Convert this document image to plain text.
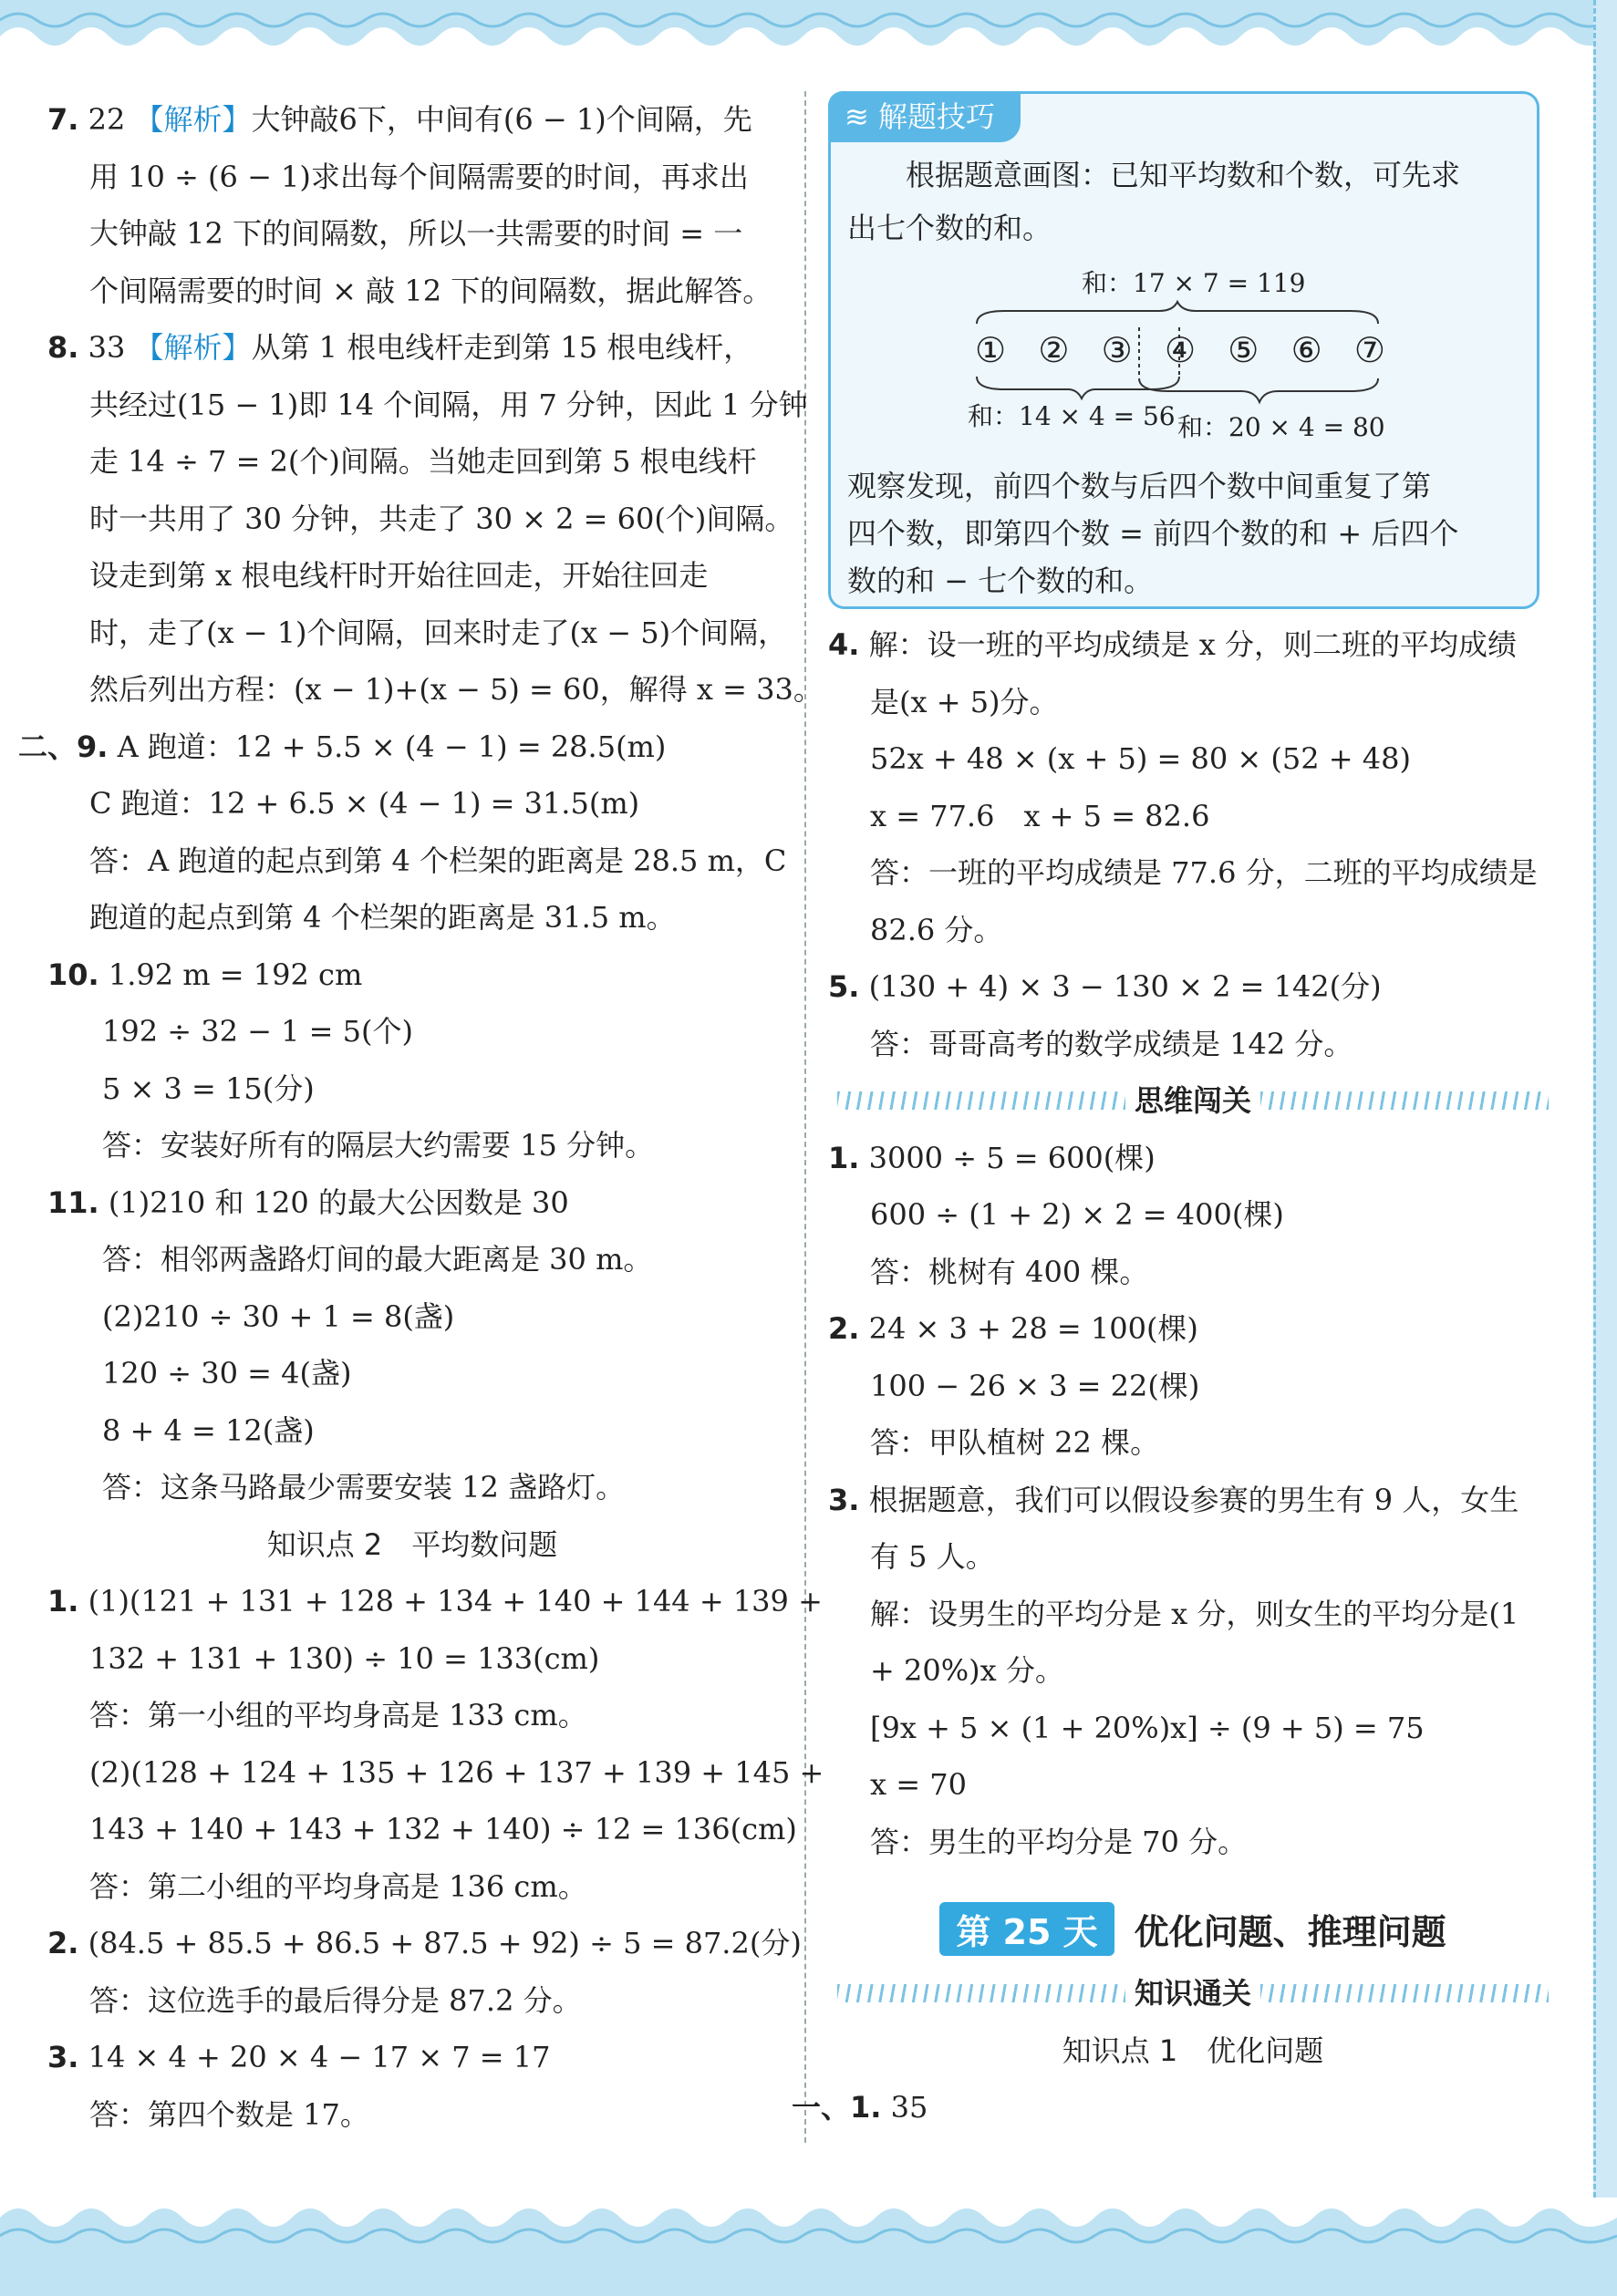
7. 22 【解析】大钟敲6下，中间有(6 − 1)个间隔，先
用 10 ÷ (6 − 1)求出每个间隔需要的时间，再求出
大钟敲 12 下的间隔数，所以一共需要的时间 = 一
个间隔需要的时间 × 敲 12 下的间隔数，据此解答。
8. 33 【解析】从第 1 根电线杆走到第 15 根电线杆，
共经过(15 − 1)即 14 个间隔，用 7 分钟，因此 1 分钟
走 14 ÷ 7 = 2(个)间隔。当她走回到第 5 根电线杆
时一共用了 30 分钟，共走了 30 × 2 = 60(个)间隔。
设走到第 x 根电线杆时开始往回走，开始往回走
时，走了(x − 1)个间隔，回来时走了(x − 5)个间隔，
然后列出方程：(x − 1)+(x − 5) = 60，解得 x = 33。
二、9. A 跑道：12 + 5.5 × (4 − 1) = 28.5(m)
C 跑道：12 + 6.5 × (4 − 1) = 31.5(m)
答：A 跑道的起点到第 4 个栏架的距离是 28.5 m，C
跑道的起点到第 4 个栏架的距离是 31.5 m。
10. 1.92 m = 192 cm
192 ÷ 32 − 1 = 5(个)
5 × 3 = 15(分)
答：安装好所有的隔层大约需要 15 分钟。
11. (1)210 和 120 的最大公因数是 30
答：相邻两盏路灯间的最大距离是 30 m。
(2)210 ÷ 30 + 1 = 8(盏)
120 ÷ 30 = 4(盏)
8 + 4 = 12(盏)
答：这条马路最少需要安装 12 盏路灯。
知识点 2　平均数问题
1. (1)(121 + 131 + 128 + 134 + 140 + 144 + 139 +
132 + 131 + 130) ÷ 10 = 133(cm)
答：第一小组的平均身高是 133 cm。
(2)(128 + 124 + 135 + 126 + 137 + 139 + 145 +
143 + 140 + 143 + 132 + 140) ÷ 12 = 136(cm)
答：第二小组的平均身高是 136 cm。
2. (84.5 + 85.5 + 86.5 + 87.5 + 92) ÷ 5 = 87.2(分)
答：这位选手的最后得分是 87.2 分。
3. 14 × 4 + 20 × 4 − 17 × 7 = 17
答：第四个数是 17。
≋ 解题技巧
　　根据题意画图：已知平均数和个数，可先求
出七个数的和。
和：17 × 7 = 119
① ② ③ ④ ⑤ ⑥ ⑦
和：14 × 4 = 56 和：20 × 4 = 80
观察发现，前四个数与后四个数中间重复了第
四个数，即第四个数 = 前四个数的和 + 后四个
数的和 − 七个数的和。
4. 解：设一班的平均成绩是 x 分，则二班的平均成绩
是(x + 5)分。
52x + 48 × (x + 5) = 80 × (52 + 48)
x = 77.6　x + 5 = 82.6
答：一班的平均成绩是 77.6 分，二班的平均成绩是
82.6 分。
5. (130 + 4) × 3 − 130 × 2 = 142(分)
答：哥哥高考的数学成绩是 142 分。
思维闯关
1. 3000 ÷ 5 = 600(棵)
600 ÷ (1 + 2) × 2 = 400(棵)
答：桃树有 400 棵。
2. 24 × 3 + 28 = 100(棵)
100 − 26 × 3 = 22(棵)
答：甲队植树 22 棵。
3. 根据题意，我们可以假设参赛的男生有 9 人，女生
有 5 人。
解：设男生的平均分是 x 分，则女生的平均分是(1
+ 20%)x 分。
[9x + 5 × (1 + 20%)x] ÷ (9 + 5) = 75
x = 70
答：男生的平均分是 70 分。
第 25 天	优化问题、推理问题
知识通关
知识点 1　优化问题
一、1. 35
